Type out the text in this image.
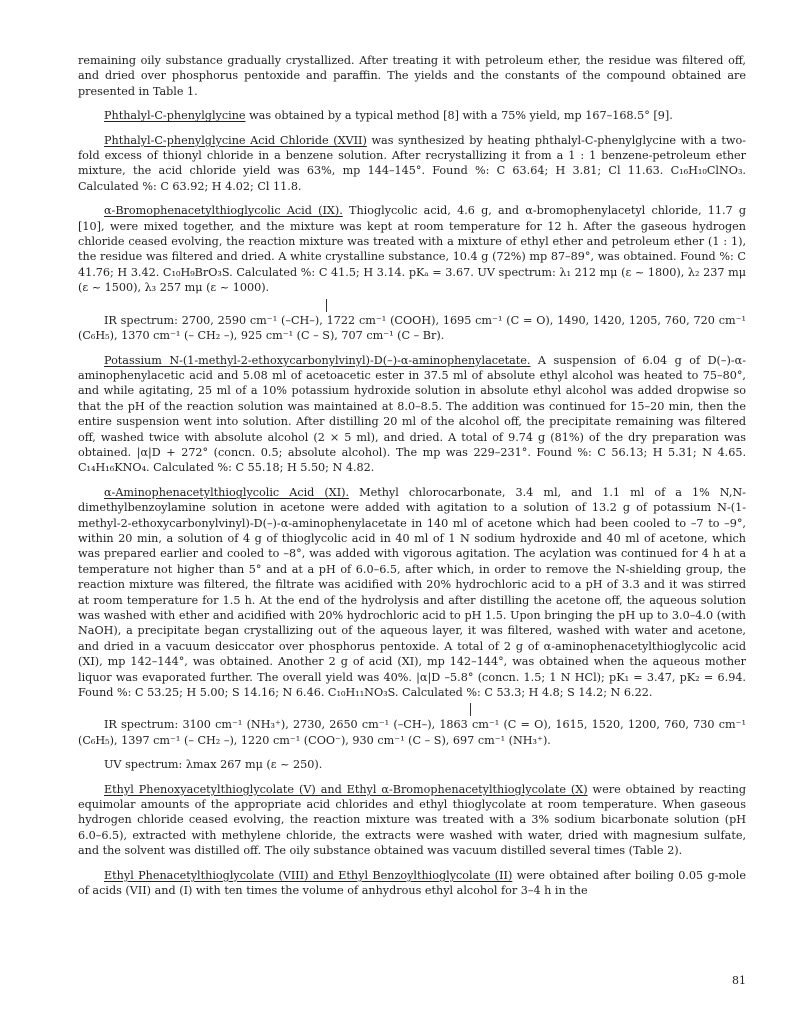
remaining oily substance gradually crystallized. After treating it with petroleum ether, the residue was filtered off, and dried over phosphorus pentoxide and paraffin. The yields and the constants of the compound obtained are presented in Table 1.

Phthalyl-C-phenylglycine was obtained by a typical method [8] with a 75% yield, mp 167–168.5° [9].

Phthalyl-C-phenylglycine Acid Chloride (XVII) was synthesized by heating phthalyl-C-phenylglycine with a two-fold excess of thionyl chloride in a benzene solution. After recrystallizing it from a 1 : 1 benzene-petroleum ether mixture, the acid chloride yield was 63%, mp 144–145°. Found %: C 63.64; H 3.81; Cl 11.63. C₁₆H₁₀ClNO₃. Calculated %: C 63.92; H 4.02; Cl 11.8.

α-Bromophenacetylthioglycolic Acid (IX). Thioglycolic acid, 4.6 g, and α-bromophenylacetyl chloride, 11.7 g [10], were mixed together, and the mixture was kept at room temperature for 12 h. After the gaseous hydrogen chloride ceased evolving, the reaction mixture was treated with a mixture of ethyl ether and petroleum ether (1 : 1), the residue was filtered and dried. A white crystalline substance, 10.4 g (72%) mp 87–89°, was obtained. Found %: C 41.76; H 3.42. C₁₀H₉BrO₃S. Calculated %: C 41.5; H 3.14. pKₐ = 3.67. UV spectrum: λ₁ 212 mμ (ε ~ 1800), λ₂ 237 mμ (ε ~ 1500), λ₃ 257 mμ (ε ~ 1000).

IR spectrum: 2700, 2590 cm⁻¹ (–CH–), 1722 cm⁻¹ (COOH), 1695 cm⁻¹ (C = O), 1490, 1420, 1205, 760, 720 cm⁻¹ (C₆H₅), 1370 cm⁻¹ (– CH₂ –), 925 cm⁻¹ (C – S), 707 cm⁻¹ (C – Br).

Potassium N-(1-methyl-2-ethoxycarbonylvinyl)-D(–)-α-aminophenylacetate. A suspension of 6.04 g of D(–)-α-aminophenylacetic acid and 5.08 ml of acetoacetic ester in 37.5 ml of absolute ethyl alcohol was heated to 75–80°, and while agitating, 25 ml of a 10% potassium hydroxide solution in absolute ethyl alcohol was added dropwise so that the pH of the reaction solution was maintained at 8.0–8.5. The addition was continued for 15–20 min, then the entire suspension went into solution. After distilling 20 ml of the alcohol off, the precipitate remaining was filtered off, washed twice with absolute alcohol (2 × 5 ml), and dried. A total of 9.74 g (81%) of the dry preparation was obtained. |α|D + 272° (concn. 0.5; absolute alcohol). The mp was 229–231°. Found %: C 56.13; H 5.31; N 4.65. C₁₄H₁₆KNO₄. Calculated %: C 55.18; H 5.50; N 4.82.

α-Aminophenacetylthioglycolic Acid (XI). Methyl chlorocarbonate, 3.4 ml, and 1.1 ml of a 1% N,N-dimethylbenzoylamine solution in acetone were added with agitation to a solution of 13.2 g of potassium N-(1-methyl-2-ethoxycarbonylvinyl)-D(–)-α-aminophenylacetate in 140 ml of acetone which had been cooled to –7 to –9°, within 20 min, a solution of 4 g of thioglycolic acid in 40 ml of 1 N sodium hydroxide and 40 ml of acetone, which was prepared earlier and cooled to –8°, was added with vigorous agitation. The acylation was continued for 4 h at a temperature not higher than 5° and at a pH of 6.0–6.5, after which, in order to remove the N-shielding group, the reaction mixture was filtered, the filtrate was acidified with 20% hydrochloric acid to a pH of 3.3 and it was stirred at room temperature for 1.5 h. At the end of the hydrolysis and after distilling the acetone off, the aqueous solution was washed with ether and acidified with 20% hydrochloric acid to pH 1.5. Upon bringing the pH up to 3.0–4.0 (with NaOH), a precipitate began crystallizing out of the aqueous layer, it was filtered, washed with water and acetone, and dried in a vacuum desiccator over phosphorus pentoxide. A total of 2 g of α-aminophenacetylthioglycolic acid (XI), mp 142–144°, was obtained. Another 2 g of acid (XI), mp 142–144°, was obtained when the aqueous mother liquor was evaporated further. The overall yield was 40%. |α|D –5.8° (concn. 1.5; 1 N HCl); pK₁ = 3.47, pK₂ = 6.94. Found %: C 53.25; H 5.00; S 14.16; N 6.46. C₁₀H₁₁NO₃S. Calculated %: C 53.3; H 4.8; S 14.2; N 6.22.

IR spectrum: 3100 cm⁻¹ (NH₃⁺), 2730, 2650 cm⁻¹ (–CH–), 1863 cm⁻¹ (C = O), 1615, 1520, 1200, 760, 730 cm⁻¹ (C₆H₅), 1397 cm⁻¹ (– CH₂ –), 1220 cm⁻¹ (COO⁻), 930 cm⁻¹ (C – S), 697 cm⁻¹ (NH₃⁺).

UV spectrum: λmax 267 mμ (ε ~ 250).

Ethyl Phenoxyacetylthioglycolate (V) and Ethyl α-Bromophenacetylthioglycolate (X) were obtained by reacting equimolar amounts of the appropriate acid chlorides and ethyl thioglycolate at room temperature. When gaseous hydrogen chloride ceased evolving, the reaction mixture was treated with a 3% sodium bicarbonate solution (pH 6.0–6.5), extracted with methylene chloride, the extracts were washed with water, dried with magnesium sulfate, and the solvent was distilled off. The oily substance obtained was vacuum distilled several times (Table 2).

Ethyl Phenacetylthioglycolate (VIII) and Ethyl Benzoylthioglycolate (II) were obtained after boiling 0.05 g-mole of acids (VII) and (I) with ten times the volume of anhydrous ethyl alcohol for 3–4 h in the

81
